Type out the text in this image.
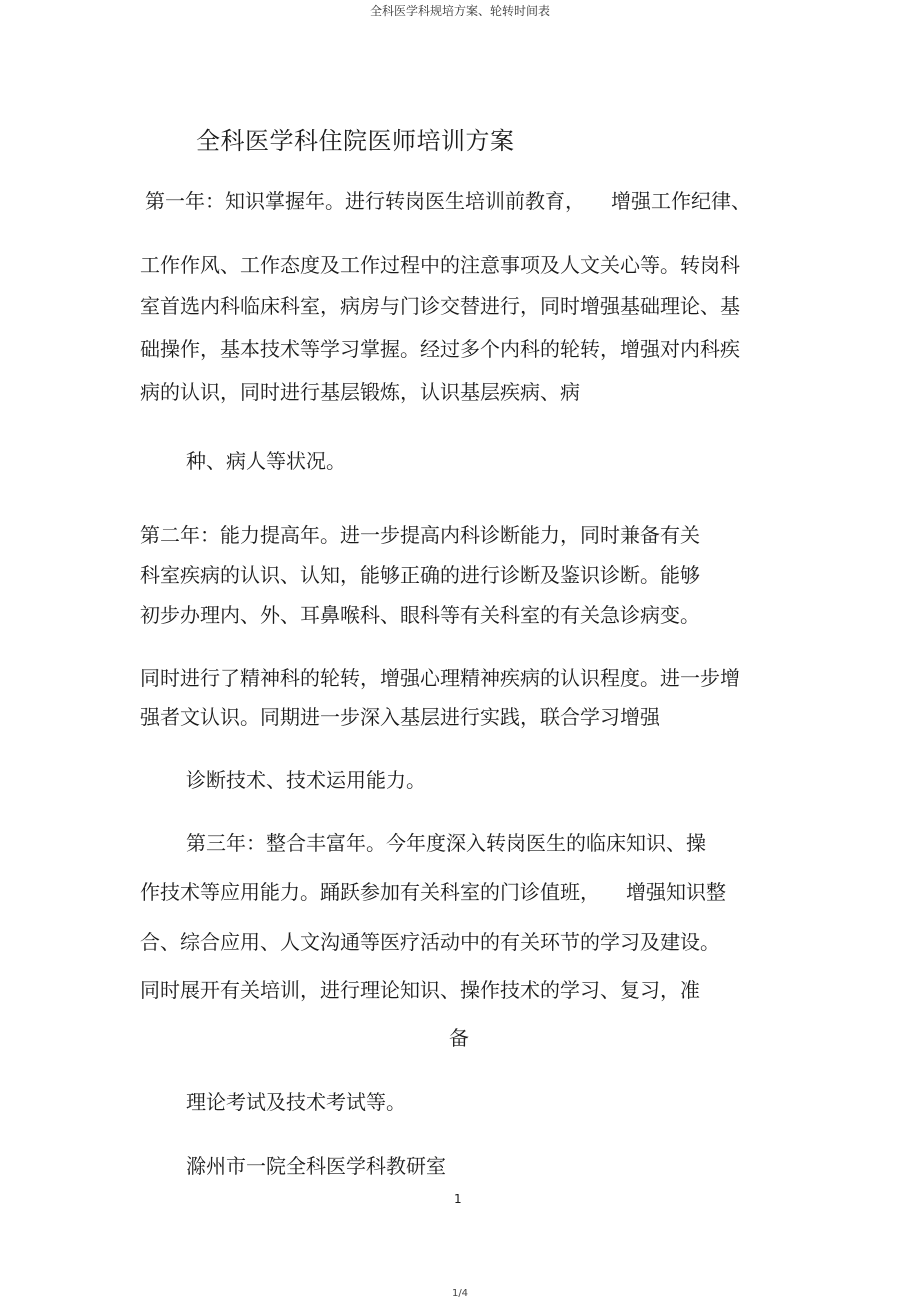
全科医学科规培方案、轮转时间表
全科医学科住院医师培训方案
第一年：知识掌握年。进行转岗医生培训前教育， 增强工作纪律、
工作作风、工作态度及工作过程中的注意事项及人文关心等。转岗科
室首选内科临床科室，病房与门诊交替进行，同时增强基础理论、基
础操作，基本技术等学习掌握。经过多个内科的轮转，增强对内科疾
病的认识，同时进行基层锻炼，认识基层疾病、病
种、病人等状况。
第二年：能力提高年。进一步提高内科诊断能力，同时兼备有关
科室疾病的认识、认知，能够正确的进行诊断及鉴识诊断。能够
初步办理内、外、耳鼻喉科、眼科等有关科室的有关急诊病变。
同时进行了精神科的轮转，增强心理精神疾病的认识程度。进一步增
强者文认识。同期进一步深入基层进行实践，联合学习增强
诊断技术、技术运用能力。
第三年：整合丰富年。今年度深入转岗医生的临床知识、操
作技术等应用能力。踊跃参加有关科室的门诊值班， 增强知识整
合、综合应用、人文沟通等医疗活动中的有关环节的学习及建设。
同时展开有关培训，进行理论知识、操作技术的学习、复习，准
备
理论考试及技术考试等。
滁州市一院全科医学科教研室
1
1/4
